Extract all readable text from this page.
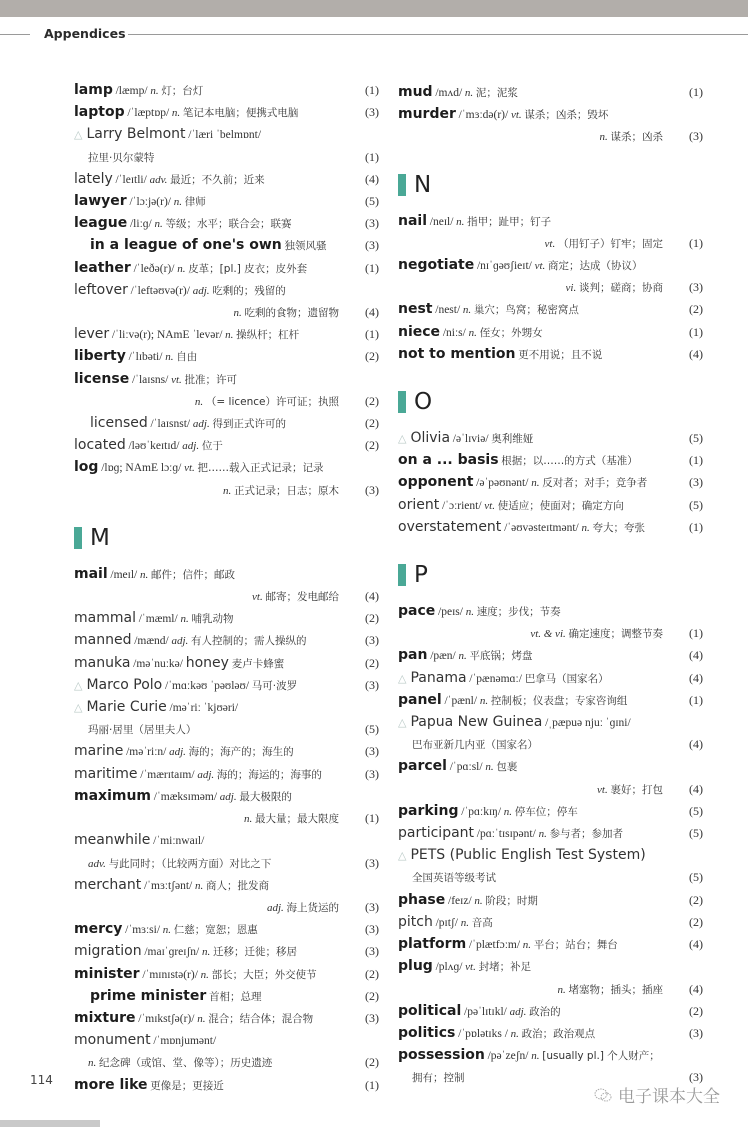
Appendices
lamp /læmp/ n. 灯；台灯	(1)
laptop /ˈlæptɒp/ n. 笔记本电脑；便携式电脑	(3)
△ Larry Belmont /ˈlæri ˈbelmɒnt/
拉里·贝尔蒙特	(1)
lately /ˈleɪtli/ adv. 最近；不久前；近来	(4)
lawyer /ˈlɔːjə(r)/ n. 律师	(5)
league /liːɡ/ n. 等级；水平；联合会；联赛	(3)
in a league of one's own 独领风骚	(3)
leather /ˈleðə(r)/ n. 皮革；[pl.] 皮衣；皮外套	(1)
leftover /ˈleftəʊvə(r)/ adj. 吃剩的；残留的
n. 吃剩的食物；遗留物	(4)
lever /ˈliːvə(r); NAmE ˈlevər/ n. 操纵杆；杠杆	(1)
liberty /ˈlɪbəti/ n. 自由	(2)
license /ˈlaɪsns/ vt. 批准；许可
n. （= licence）许可证；执照	(2)
licensed /ˈlaɪsnst/ adj. 得到正式许可的	(2)
located /ləʊˈkeɪtɪd/ adj. 位于	(2)
log /lɒɡ; NAmE lɔːɡ/ vt. 把……载入正式记录；记录
n. 正式记录；日志；原木	(3)
M
mail /meɪl/ n. 邮件；信件；邮政
vt. 邮寄；发电邮给	(4)
mammal /ˈmæml/ n. 哺乳动物	(2)
manned /mænd/ adj. 有人控制的；需人操纵的	(3)
manuka /məˈnuːkə/ honey 麦卢卡蜂蜜	(2)
△ Marco Polo /ˈmɑːkəʊ ˈpəʊləʊ/ 马可·波罗	(3)
△ Marie Curie /məˈriː ˈkjʊəri/
玛丽·居里（居里夫人）	(5)
marine /məˈriːn/ adj. 海的；海产的；海生的	(3)
maritime /ˈmærɪtaɪm/ adj. 海的；海运的；海事的	(3)
maximum /ˈmæksɪməm/ adj. 最大极限的
n. 最大量；最大限度	(1)
meanwhile /ˈmiːnwaɪl/
adv. 与此同时；（比较两方面）对比之下	(3)
merchant /ˈmɜːtʃənt/ n. 商人；批发商
adj. 海上货运的	(3)
mercy /ˈmɜːsi/ n. 仁慈；宽恕；恩惠	(3)
migration /maɪˈɡreɪʃn/ n. 迁移；迁徙；移居	(3)
minister /ˈmɪnɪstə(r)/ n. 部长；大臣；外交使节	(2)
prime minister 首相；总理	(2)
mixture /ˈmɪkstʃə(r)/ n. 混合；结合体；混合物	(3)
monument /ˈmɒnjumənt/
n. 纪念碑（或馆、堂、像等）；历史遗迹	(2)
more like 更像是；更接近	(1)
mud /mʌd/ n. 泥；泥浆	(1)
murder /ˈmɜːdə(r)/ vt. 谋杀；凶杀；毁坏
n. 谋杀；凶杀	(3)
N
nail /neɪl/ n. 指甲；趾甲；钉子
vt. （用钉子）钉牢；固定	(1)
negotiate /nɪˈɡəʊʃieɪt/ vt. 商定；达成（协议）
vi. 谈判；磋商；协商	(3)
nest /nest/ n. 巢穴；鸟窝；秘密窝点	(2)
niece /niːs/ n. 侄女；外甥女	(1)
not to mention 更不用说；且不说	(4)
O
△ Olivia /əˈlɪviə/ 奥利维娅	(5)
on a ... basis 根据；以……的方式（基准）	(1)
opponent /əˈpəʊnənt/ n. 反对者；对手；竞争者	(3)
orient /ˈɔːrient/ vt. 使适应；使面对；确定方向	(5)
overstatement /ˈəʊvəsteɪtmənt/ n. 夸大；夸张	(1)
P
pace /peɪs/ n. 速度；步伐；节奏
vt. & vi. 确定速度；调整节奏	(1)
pan /pæn/ n. 平底锅；烤盘	(4)
△ Panama /ˈpænəmɑː/ 巴拿马（国家名）	(4)
panel /ˈpænl/ n. 控制板；仪表盘；专家咨询组	(1)
△ Papua New Guinea /ˌpæpuə njuː ˈɡɪni/
巴布亚新几内亚（国家名）	(4)
parcel /ˈpɑːsl/ n. 包裹
vt. 裹好；打包	(4)
parking /ˈpɑːkɪŋ/ n. 停车位；停车	(5)
participant /pɑːˈtɪsɪpənt/ n. 参与者；参加者	(5)
△ PETS (Public English Test System)
全国英语等级考试	(5)
phase /feɪz/ n. 阶段；时期	(2)
pitch /pɪtʃ/ n. 音高	(2)
platform /ˈplætfɔːm/ n. 平台；站台；舞台	(4)
plug /plʌɡ/ vt. 封堵；补足
n. 堵塞物；插头；插座	(4)
political /pəˈlɪtɪkl/ adj. 政治的	(2)
politics /ˈpɒlətɪks / n. 政治；政治观点	(3)
possession /pəˈzeʃn/ n. [usually pl.] 个人财产；
拥有；控制	(3)
114
电子课本大全
